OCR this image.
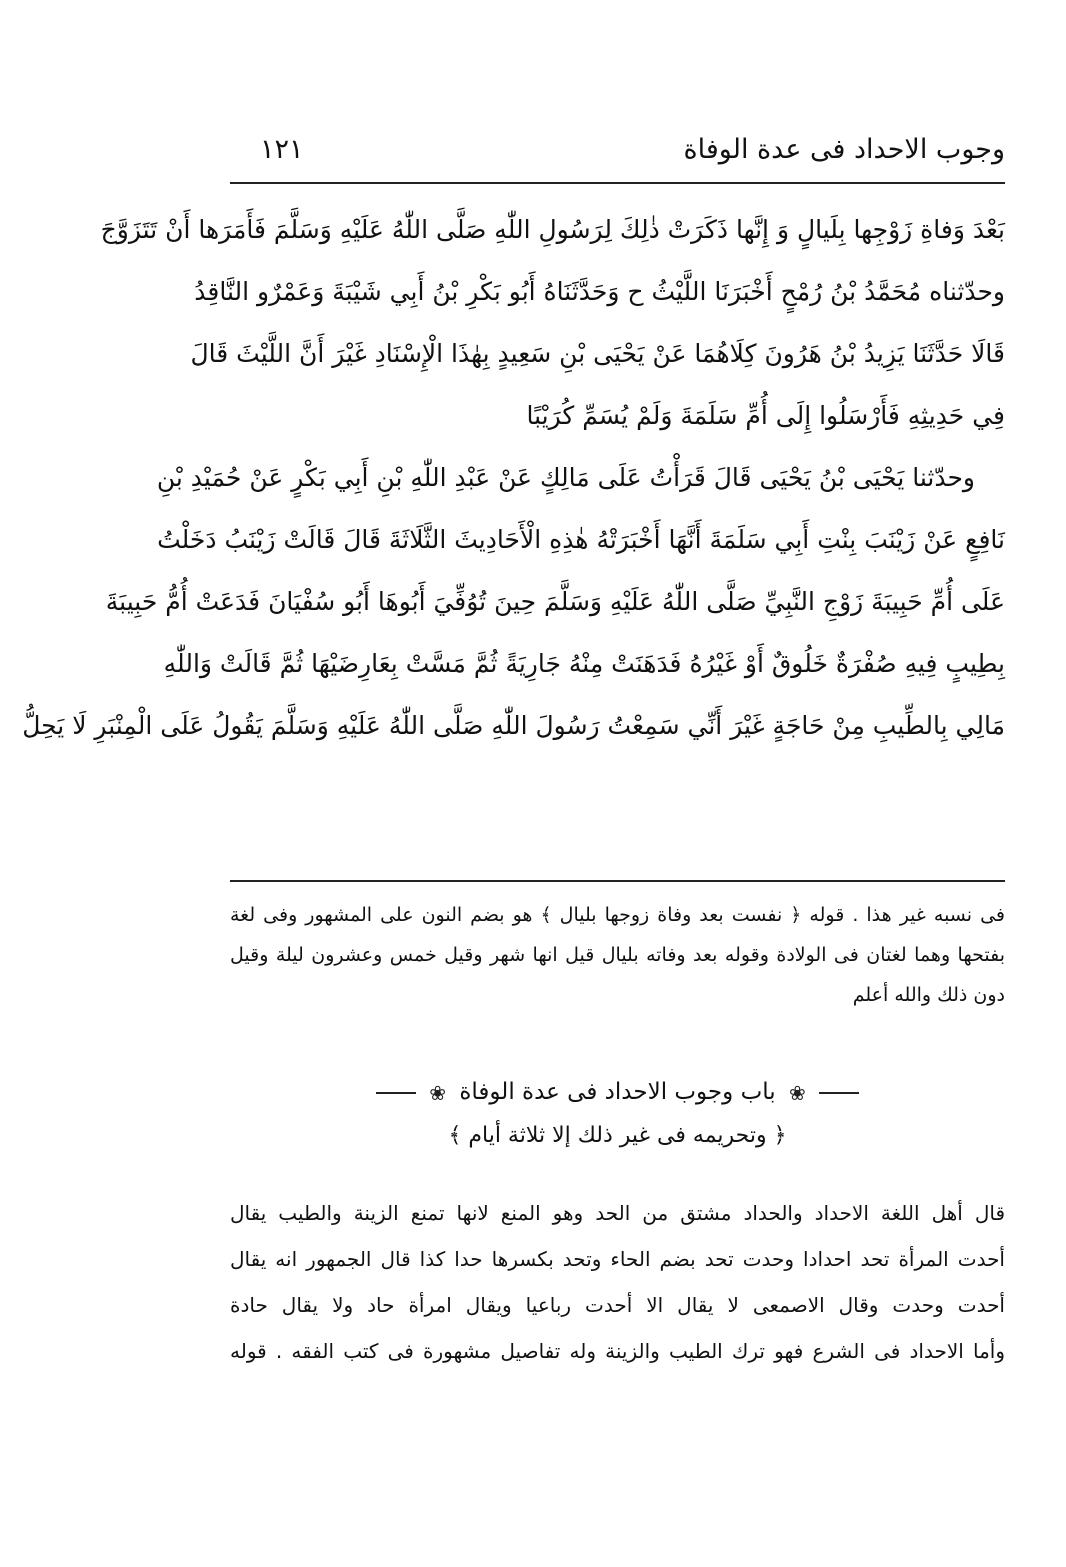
وجوب الاحداد فى عدة الوفاة
١٢١
بَعْدَ وَفاةِ زَوْجِها بِلَيالٍ وَ إِنَّها ذَكَرَتْ ذٰلِكَ لِرَسُولِ اللّٰهِ صَلَّى اللّٰهُ عَلَيْهِ وَسَلَّمَ فَأَمَرَها أَنْ تَتَزَوَّجَ
وحدّثناه مُحَمَّدُ بْنُ رُمْحٍ أَخْبَرَنَا اللَّيْثُ ح وَحَدَّثَنَاهُ أَبُو بَكْرِ بْنُ أَبِي شَيْبَةَ وَعَمْرٌو النَّاقِدُ
قَالَا حَدَّثَنَا يَزِيدُ بْنُ هَرُونَ كِلَاهُمَا عَنْ يَحْيَى بْنِ سَعِيدٍ بِهٰذَا الْإِسْنَادِ غَيْرَ أَنَّ اللَّيْثَ قَالَ
فِي حَدِيثِهِ فَأَرْسَلُوا إِلَى أُمِّ سَلَمَةَ وَلَمْ يُسَمِّ كُرَيْبًا
وحدّثنا يَحْيَى بْنُ يَحْيَى قَالَ قَرَأْتُ عَلَى مَالِكٍ عَنْ عَبْدِ اللّٰهِ بْنِ أَبِي بَكْرٍ عَنْ حُمَيْدِ بْنِ
نَافِعٍ عَنْ زَيْنَبَ بِنْتِ أَبِي سَلَمَةَ أَنَّهَا أَخْبَرَتْهُ هٰذِهِ الْأَحَادِيثَ الثَّلَاثَةَ قَالَ قَالَتْ زَيْنَبُ دَخَلْتُ
عَلَى أُمِّ حَبِيبَةَ زَوْجِ النَّبِيِّ صَلَّى اللّٰهُ عَلَيْهِ وَسَلَّمَ حِينَ تُوُفِّيَ أَبُوهَا أَبُو سُفْيَانَ فَدَعَتْ أُمُّ حَبِيبَةَ
بِطِيبٍ فِيهِ صُفْرَةٌ خَلُوقٌ أَوْ غَيْرُهُ فَدَهَنَتْ مِنْهُ جَارِيَةً ثُمَّ مَسَّتْ بِعَارِضَيْهَا ثُمَّ قَالَتْ وَاللّٰهِ
مَالِي بِالطِّيبِ مِنْ حَاجَةٍ غَيْرَ أَنِّي سَمِعْتُ رَسُولَ اللّٰهِ صَلَّى اللّٰهُ عَلَيْهِ وَسَلَّمَ يَقُولُ عَلَى الْمِنْبَرِ لَا يَحِلُّ
فى نسبه غير هذا . قوله ﴿ نفست بعد وفاة زوجها بليال ﴾ هو بضم النون على المشهور وفى لغة
بفتحها وهما لغتان فى الولادة وقوله بعد وفاته بليال قيل انها شهر وقيل خمس وعشرون ليلة وقيل
دون ذلك والله أعلم
❀ باب وجوب الاحداد فى عدة الوفاة ❀
﴿ وتحريمه فى غير ذلك إلا ثلاثة أيام ﴾
قال أهل اللغة الاحداد والحداد مشتق من الحد وهو المنع لانها تمنع الزينة والطيب يقال
أحدت المرأة تحد احدادا وحدت تحد بضم الحاء وتحد بكسرها حدا كذا قال الجمهور انه يقال
أحدت وحدت وقال الاصمعى لا يقال الا أحدت رباعيا ويقال امرأة حاد ولا يقال حادة
وأما الاحداد فى الشرع فهو ترك الطيب والزينة وله تفاصيل مشهورة فى كتب الفقه . قوله
